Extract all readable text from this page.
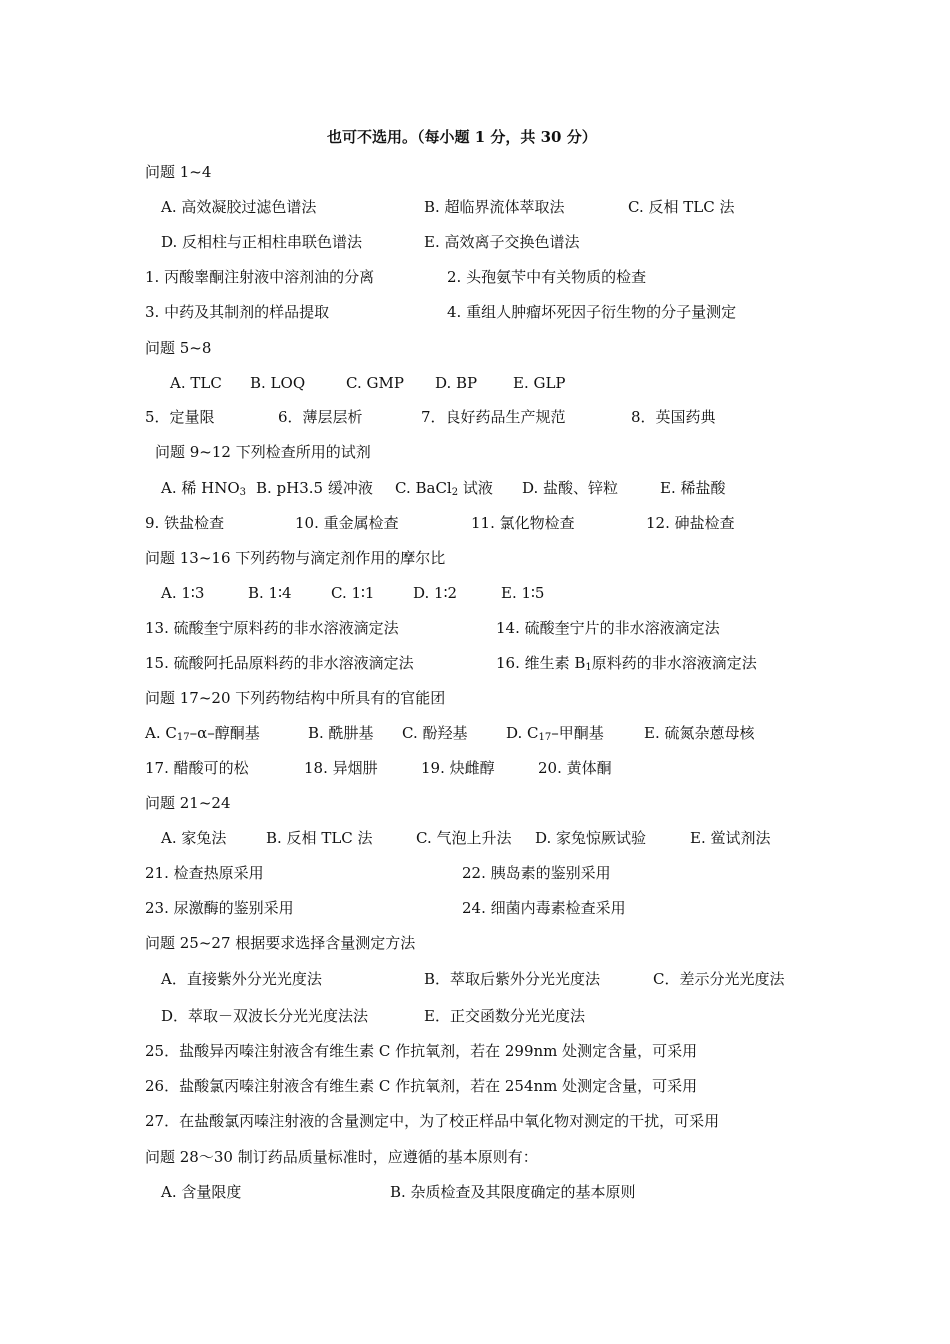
也可不选用。（每小题 1 分，共 30 分）
问题 1~4
A. 高效凝胶过滤色谱法	B. 超临界流体萃取法	C. 反相 TLC 法
D. 反相柱与正相柱串联色谱法	E. 高效离子交换色谱法
1. 丙酸睾酮注射液中溶剂油的分离	2. 头孢氨苄中有关物质的检查
3. 中药及其制剂的样品提取	4. 重组人肿瘤坏死因子衍生物的分子量测定
问题 5~8
A. TLC B. LOQ	C. GMP D. BP E. GLP
5．定量限	6．薄层层析	7．良好药品生产规范	8．英国药典
问题 9~12 下列检查所用的试剂
A. 稀 $HNO_3$ B. pH3.5 缓冲液 C. BaCl$_2$ 试液 D. 盐酸、锌粒	E. 稀盐酸
9. 铁盐检查	10. 重金属检查	11. 氯化物检查	12. 砷盐检查
问题 13~16 下列药物与滴定剂作用的摩尔比
A. 1∶3	B. 1∶4	C. 1∶1	D. 1∶2	E. 1∶5
13. 硫酸奎宁原料药的非水溶液滴定法	14. 硫酸奎宁片的非水溶液滴定法
15. 硫酸阿托品原料药的非水溶液滴定法	16. 维生素 $B_1$原料药的非水溶液滴定法
问题 17~20 下列药物结构中所具有的官能团
A. $C_{17}-\alpha-$醇酮基	B. 酰肼基 C. 酚羟基	D. $C_{17}-$甲酮基	E. 硫氮杂蒽母核
17. 醋酸可的松	18. 异烟肼	19. 炔雌醇	20. 黄体酮
问题 21~24
A. 家兔法	B. 反相 TLC 法	C. 气泡上升法 D. 家兔惊厥试验	E. 鲎试剂法
21. 检查热原采用	22. 胰岛素的鉴别采用
23. 尿激酶的鉴别采用	24. 细菌内毒素检查采用
问题 25~27 根据要求选择含量测定方法
A．直接紫外分光光度法	B．萃取后紫外分光光度法	C．差示分光光度法
D．萃取－双波长分光光度法法	E．正交函数分光光度法
25．盐酸异丙嗪注射液含有维生素 C 作抗氧剂，若在 299nm 处测定含量，可采用
26．盐酸氯丙嗪注射液含有维生素 C 作抗氧剂，若在 254nm 处测定含量，可采用
27．在盐酸氯丙嗪注射液的含量测定中，为了校正样品中氧化物对测定的干扰，可采用
问题 28～30 制订药品质量标准时，应遵循的基本原则有：
A. 含量限度	B. 杂质检查及其限度确定的基本原则
